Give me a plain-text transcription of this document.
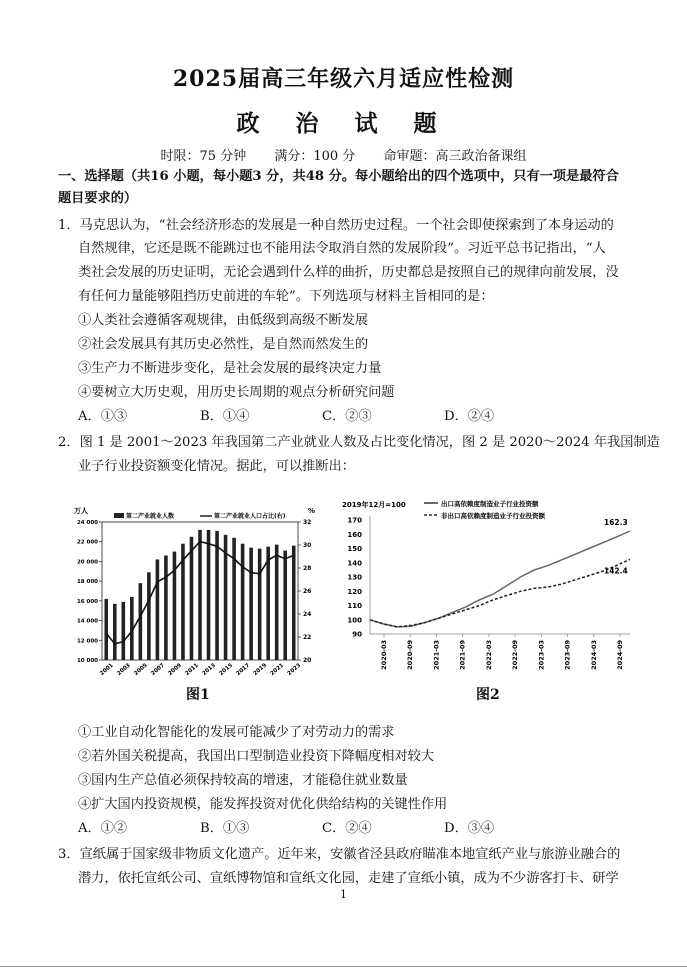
2025届高三年级六月适应性检测
政 治 试 题
时限：75 分钟 满分：100 分 命审题：高三政治备课组
一、选择题（共16 小题，每小题3 分，共48 分。每小题给出的四个选项中，只有一项是最符合
题目要求的）
1．马克思认为，“社会经济形态的发展是一种自然历史过程。一个社会即使探索到了本身运动的
自然规律，它还是既不能跳过也不能用法令取消自然的发展阶段”。习近平总书记指出，“人
类社会发展的历史证明，无论会遇到什么样的曲折，历史都总是按照自己的规律向前发展，没
有任何力量能够阻挡历史前进的车轮”。下列选项与材料主旨相同的是：
①人类社会遵循客观规律，由低级到高级不断发展
②社会发展具有其历史必然性，是自然而然发生的
③生产力不断进步变化，是社会发展的最终决定力量
④要树立大历史观，用历史长周期的观点分析研究问题
A．①③	B．①④	C．②③	D．②④
2．图 1 是 2001～2023 年我国第二产业就业人数及占比变化情况，图 2 是 2020～2024 年我国制造
业子行业投资额变化情况。据此，可以推断出：
万人	%
第二产业就业人数	第二产业就业人口占比(右)
24 000
22 000
20 000
18 000
16 000
14 000
12 000
10 000
32
30
28
26
24
22
20
2001 2003 2005 2007 2009 2011 2013 2015 2017 2019 2021 2023
2019年12月=100	出口高依赖度制造业子行业投资额
非出口高依赖度制造业子行业投资额
170
160
150
140
130
120
110
100
90
2020-03	2020-09	2021-03	2021-09	2022-03	2022-09	2023-03	2023-09	2024-03	2024-09
162.3
142.4
图1	图2
①工业自动化智能化的发展可能减少了对劳动力的需求
②若外国关税提高，我国出口型制造业投资下降幅度相对较大
③国内生产总值必须保持较高的增速，才能稳住就业数量
④扩大国内投资规模，能发挥投资对优化供给结构的关键性作用
A．①②	B．①③	C．②④	D．③④
3．宣纸属于国家级非物质文化遗产。近年来，安徽省泾县政府瞄准本地宣纸产业与旅游业融合的
潜力，依托宣纸公司、宣纸博物馆和宣纸文化园，走建了宣纸小镇，成为不少游客打卡、研学
1
